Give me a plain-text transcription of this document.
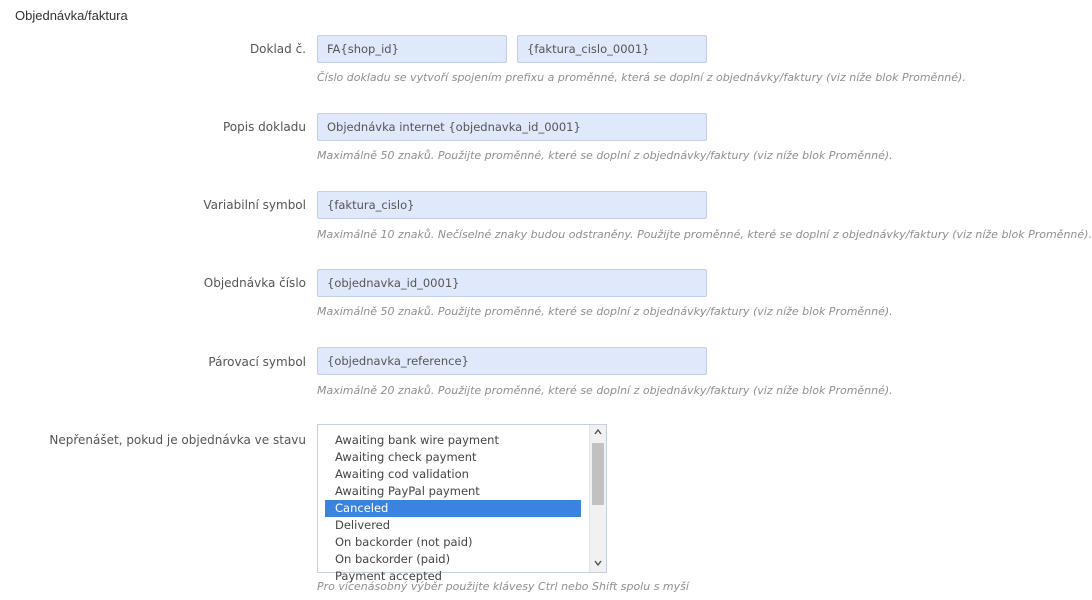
Objednávka/faktura
Doklad č.	FA{shop_id}	{faktura_cislo_0001}
Číslo dokladu se vytvoří spojením prefixu a proměnné, která se doplní z objednávky/faktury (viz níže blok Proměnné).
Popis dokladu	Objednávka internet {objednavka_id_0001}
Maximálně 50 znaků. Použijte proměnné, které se doplní z objednávky/faktury (viz níže blok Proměnné).
Variabilní symbol	{faktura_cislo}
Maximálně 10 znaků. Nečíselné znaky budou odstraněny. Použijte proměnné, které se doplní z objednávky/faktury (viz níže blok Proměnné).
Objednávka číslo	{objednavka_id_0001}
Maximálně 50 znaků. Použijte proměnné, které se doplní z objednávky/faktury (viz níže blok Proměnné).
Párovací symbol	{objednavka_reference}
Maximálně 20 znaků. Použijte proměnné, které se doplní z objednávky/faktury (viz níže blok Proměnné).
Nepřenášet, pokud je objednávka ve stavu	Awaiting bank wire payment
Awaiting check payment
Awaiting cod validation
Awaiting PayPal payment
Canceled
Delivered
On backorder (not paid)
On backorder (paid)
Payment accepted
Pro vícenásobný výběr použijte klávesy Ctrl nebo Shift spolu s myší
